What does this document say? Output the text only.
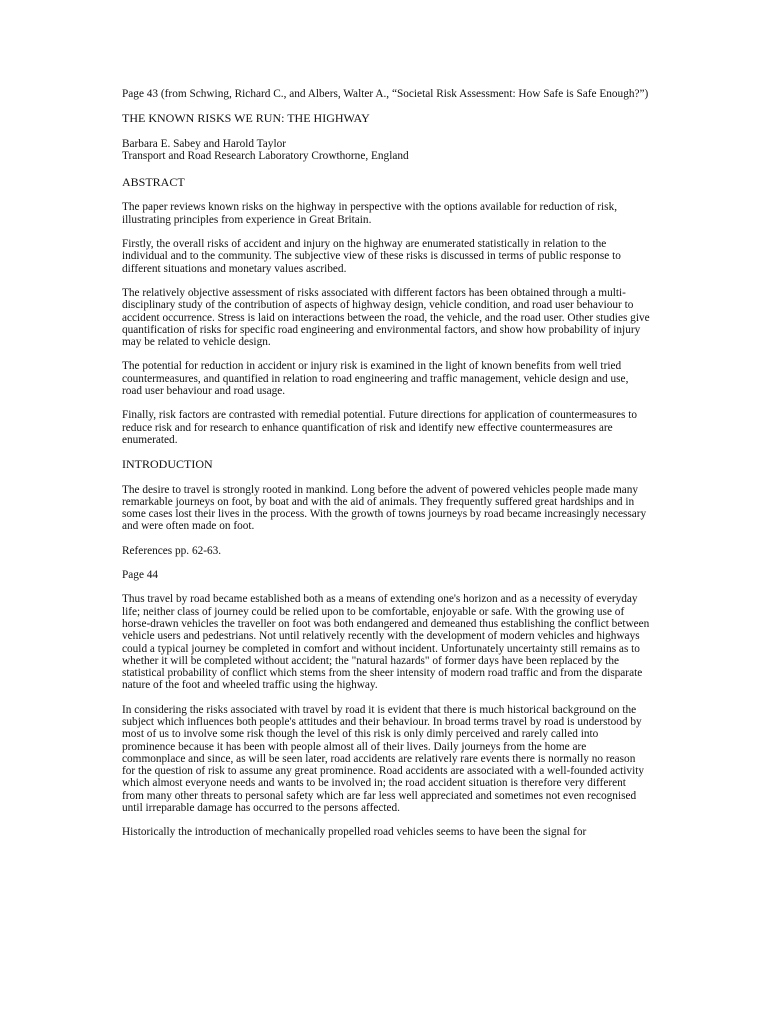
Page 43 (from Schwing, Richard C., and Albers, Walter A., “Societal Risk Assessment: How Safe is Safe Enough?”)

THE KNOWN RISKS WE RUN: THE HIGHWAY

Barbara E. Sabey and Harold Taylor
Transport and Road Research Laboratory Crowthorne, England

ABSTRACT

The paper reviews known risks on the highway in perspective with the options available for reduction of risk, illustrating principles from experience in Great Britain.

Firstly, the overall risks of accident and injury on the highway are enumerated statistically in relation to the individual and to the community. The subjective view of these risks is discussed in terms of public response to different situations and monetary values ascribed.

The relatively objective assessment of risks associated with different factors has been obtained through a multi-disciplinary study of the contribution of aspects of highway design, vehicle condition, and road user behaviour to accident occurrence. Stress is laid on interactions between the road, the vehicle, and the road user. Other studies give quantification of risks for specific road engineering and environmental factors, and show how probability of injury may be related to vehicle design.

The potential for reduction in accident or injury risk is examined in the light of known benefits from well tried countermeasures, and quantified in relation to road engineering and traffic management, vehicle design and use, road user behaviour and road usage.

Finally, risk factors are contrasted with remedial potential. Future directions for application of countermeasures to reduce risk and for research to enhance quantification of risk and identify new effective countermeasures are enumerated.

INTRODUCTION

The desire to travel is strongly rooted in mankind. Long before the advent of powered vehicles people made many remarkable journeys on foot, by boat and with the aid of animals. They frequently suffered great hardships and in some cases lost their lives in the process. With the growth of towns journeys by road became increasingly necessary and were often made on foot.

References pp. 62-63.

Page 44

Thus travel by road became established both as a means of extending one's horizon and as a necessity of everyday life; neither class of journey could be relied upon to be comfortable, enjoyable or safe. With the growing use of horse-drawn vehicles the traveller on foot was both endangered and demeaned thus establishing the conflict between vehicle users and pedestrians. Not until relatively recently with the development of modern vehicles and highways could a typical journey be completed in comfort and without incident. Unfortunately uncertainty still remains as to whether it will be completed without accident; the "natural hazards" of former days have been replaced by the statistical probability of conflict which stems from the sheer intensity of modern road traffic and from the disparate nature of the foot and wheeled traffic using the highway.

In considering the risks associated with travel by road it is evident that there is much historical background on the subject which influences both people's attitudes and their behaviour. In broad terms travel by road is understood by most of us to involve some risk though the level of this risk is only dimly perceived and rarely called into prominence because it has been with people almost all of their lives. Daily journeys from the home are commonplace and since, as will be seen later, road accidents are relatively rare events there is normally no reason for the question of risk to assume any great prominence. Road accidents are associated with a well-founded activity which almost everyone needs and wants to be involved in; the road accident situation is therefore very different from many other threats to personal safety which are far less well appreciated and sometimes not even recognised until irreparable damage has occurred to the persons affected.

Historically the introduction of mechanically propelled road vehicles seems to have been the signal for
